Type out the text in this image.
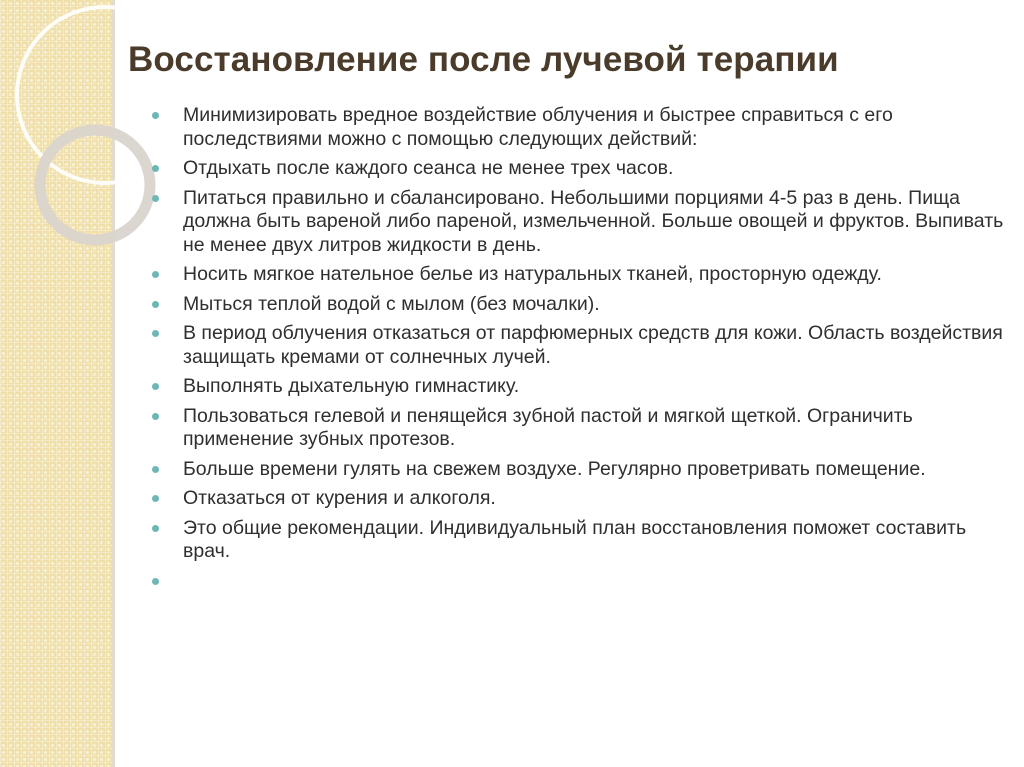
Восстановление после лучевой терапии
Минимизировать вредное воздействие облучения и быстрее справиться с его последствиями можно с помощью следующих действий:
Отдыхать после каждого сеанса не менее трех часов.
Питаться правильно и сбалансировано. Небольшими порциями 4-5 раз в день. Пища должна быть вареной либо пареной, измельченной. Больше овощей и фруктов. Выпивать не менее двух литров жидкости в день.
Носить мягкое нательное белье из натуральных тканей, просторную одежду.
Мыться теплой водой с мылом (без мочалки).
В период облучения отказаться от парфюмерных средств для кожи. Область воздействия защищать кремами от солнечных лучей.
Выполнять дыхательную гимнастику.
Пользоваться гелевой и пенящейся зубной пастой и мягкой щеткой. Ограничить применение зубных протезов.
Больше времени гулять на свежем воздухе. Регулярно проветривать помещение.
Отказаться от курения и алкоголя.
Это общие рекомендации. Индивидуальный план восстановления поможет составить врач.
